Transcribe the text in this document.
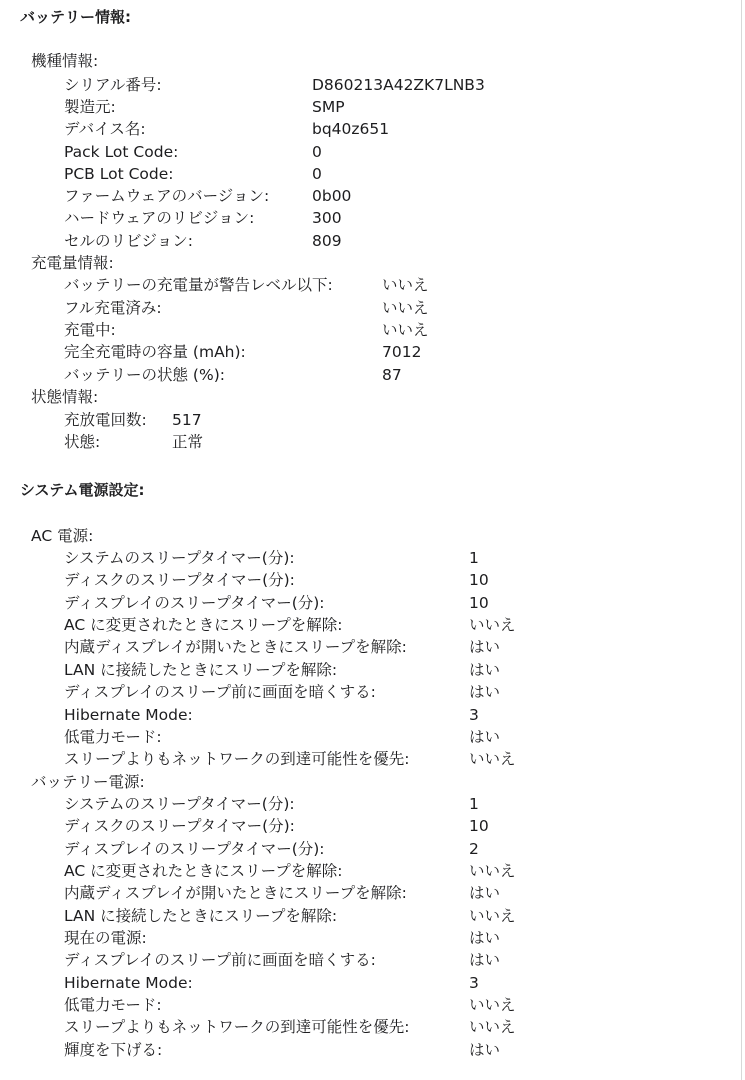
バッテリー情報:
機種情報:
シリアル番号:	D860213A42ZK7LNB3
製造元:	SMP
デバイス名:	bq40z651
Pack Lot Code:	0
PCB Lot Code:	0
ファームウェアのバージョン:	0b00
ハードウェアのリビジョン:	300
セルのリビジョン:	809
充電量情報:
バッテリーの充電量が警告レベル以下:	いいえ
フル充電済み:	いいえ
充電中:	いいえ
完全充電時の容量 (mAh):	7012
バッテリーの状態 (%):	87
状態情報:
充放電回数: 517
状態:	正常
システム電源設定:
AC 電源:
システムのスリープタイマー(分):	1
ディスクのスリープタイマー(分):	10
ディスプレイのスリープタイマー(分):	10
AC に変更されたときにスリープを解除:	いいえ
内蔵ディスプレイが開いたときにスリープを解除:	はい
LAN に接続したときにスリープを解除:	はい
ディスプレイのスリープ前に画面を暗くする:	はい
Hibernate Mode:	3
低電力モード:	はい
スリープよりもネットワークの到達可能性を優先:	いいえ
バッテリー電源:
システムのスリープタイマー(分):	1
ディスクのスリープタイマー(分):	10
ディスプレイのスリープタイマー(分):	2
AC に変更されたときにスリープを解除:	いいえ
内蔵ディスプレイが開いたときにスリープを解除:	はい
LAN に接続したときにスリープを解除:	いいえ
現在の電源:	はい
ディスプレイのスリープ前に画面を暗くする:	はい
Hibernate Mode:	3
低電力モード:	いいえ
スリープよりもネットワークの到達可能性を優先:	いいえ
輝度を下げる:	はい
